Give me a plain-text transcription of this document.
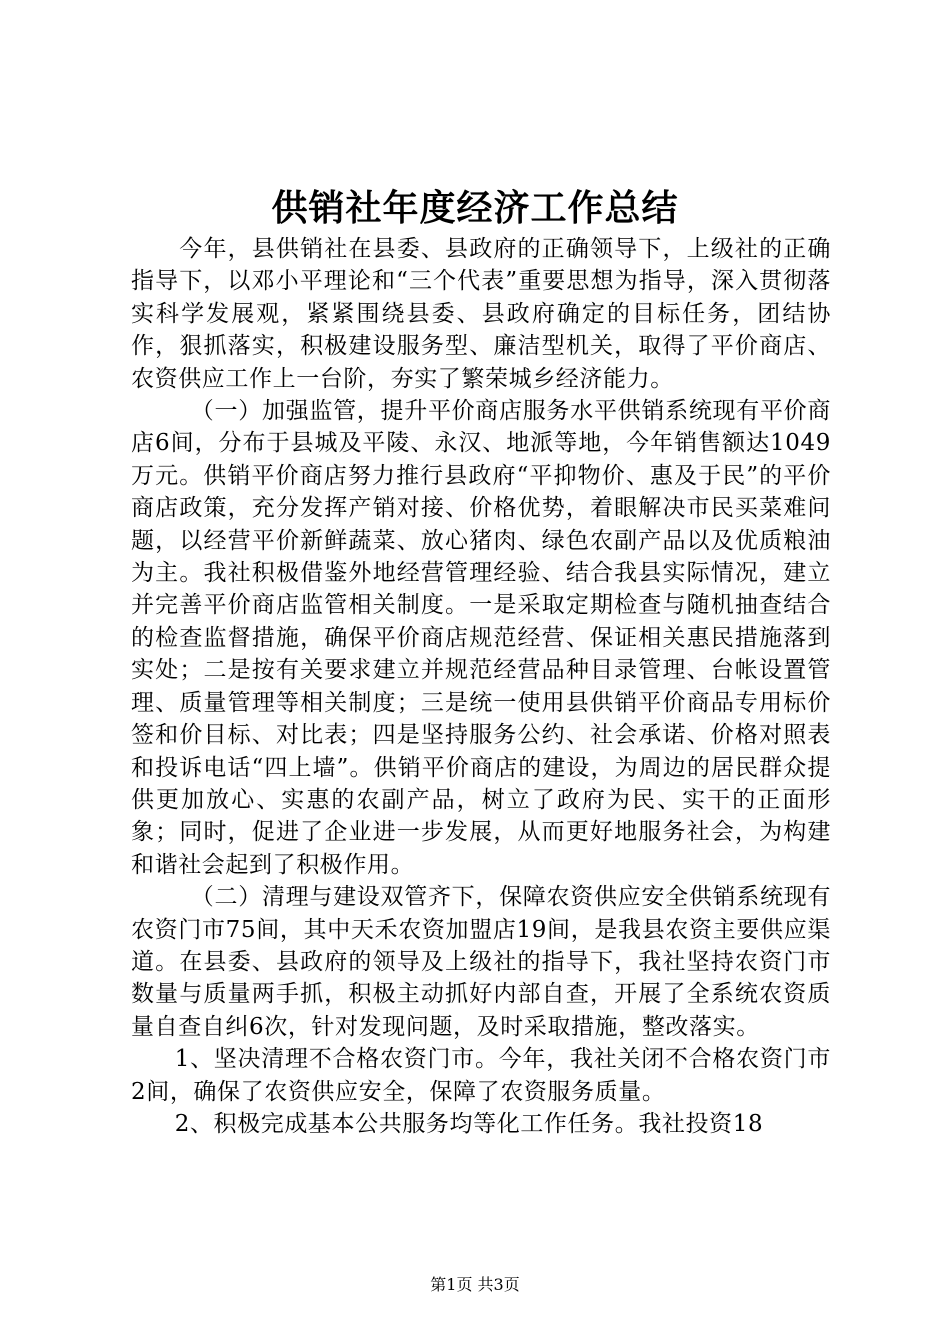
供销社年度经济工作总结

今年，县供销社在县委、县政府的正确领导下，上级社的正确指导下，以邓小平理论和“三个代表”重要思想为指导，深入贯彻落实科学发展观，紧紧围绕县委、县政府确定的目标任务，团结协作，狠抓落实，积极建设服务型、廉洁型机关，取得了平价商店、农资供应工作上一台阶，夯实了繁荣城乡经济能力。

（一）加强监管，提升平价商店服务水平供销系统现有平价商店6间，分布于县城及平陵、永汉、地派等地，今年销售额达1049万元。供销平价商店努力推行县政府“平抑物价、惠及于民”的平价商店政策，充分发挥产销对接、价格优势，着眼解决市民买菜难问题，以经营平价新鲜蔬菜、放心猪肉、绿色农副产品以及优质粮油为主。我社积极借鉴外地经营管理经验、结合我县实际情况，建立并完善平价商店监管相关制度。一是采取定期检查与随机抽查结合的检查监督措施，确保平价商店规范经营、保证相关惠民措施落到实处；二是按有关要求建立并规范经营品种目录管理、台帐设置管理、质量管理等相关制度；三是统一使用县供销平价商品专用标价签和价目标、对比表；四是坚持服务公约、社会承诺、价格对照表和投诉电话“四上墙”。供销平价商店的建设，为周边的居民群众提供更加放心、实惠的农副产品，树立了政府为民、实干的正面形象；同时，促进了企业进一步发展，从而更好地服务社会，为构建和谐社会起到了积极作用。

（二）清理与建设双管齐下，保障农资供应安全供销系统现有农资门市75间，其中天禾农资加盟店19间，是我县农资主要供应渠道。在县委、县政府的领导及上级社的指导下，我社坚持农资门市数量与质量两手抓，积极主动抓好内部自查，开展了全系统农资质量自查自纠6次，针对发现问题，及时采取措施，整改落实。

1、坚决清理不合格农资门市。今年，我社关闭不合格农资门市2间，确保了农资供应安全，保障了农资服务质量。

2、积极完成基本公共服务均等化工作任务。我社投资18

第1页 共3页
